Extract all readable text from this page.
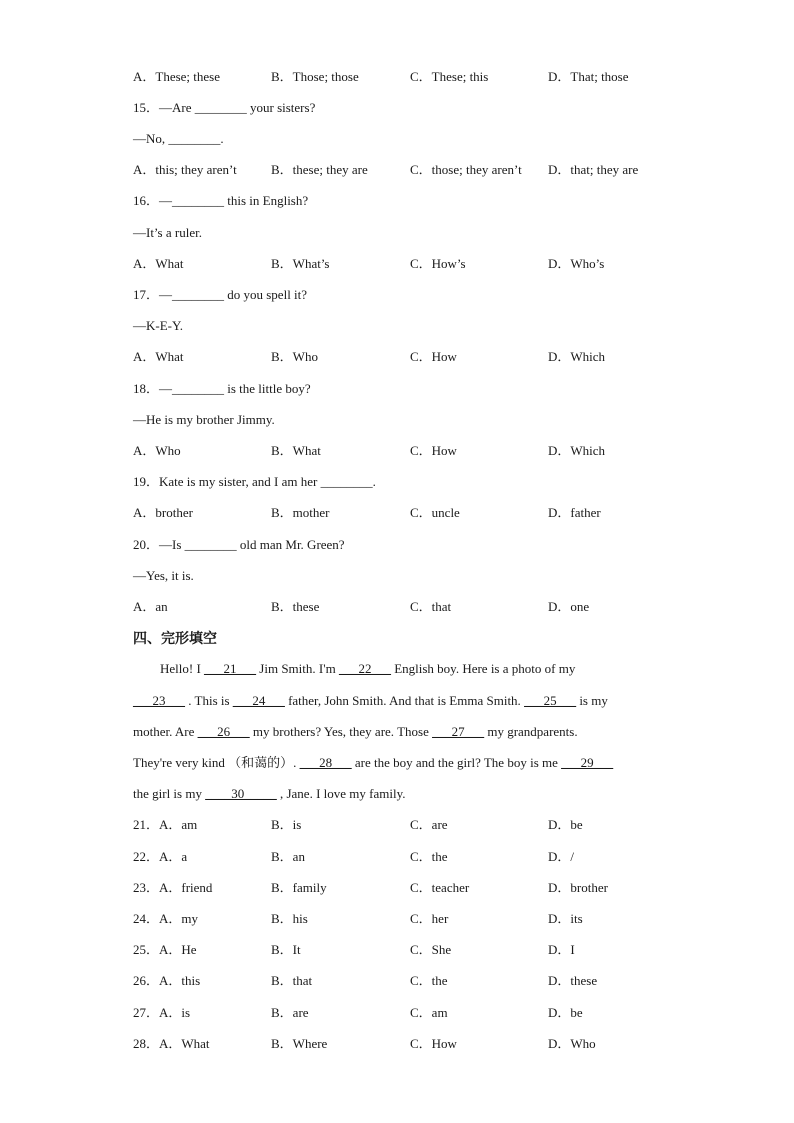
A．These; these	B．Those; those	C．These; this	D．That; those
15．—Are ________ your sisters?
—No, ________.
A．this; they aren’t	B．these; they are	C．those; they aren’t D．that; they are
16．—________ this in English?
—It’s a ruler.
A．What	B．What’s	C．How’s	D．Who’s
17．—________ do you spell it?
—K-E-Y.
A．What	B．Who	C．How	D．Which
18．—________ is the little boy?
—He is my brother Jimmy.
A．Who	B．What	C．How	D．Which
19．Kate is my sister, and I am her ________.
A．brother	B．mother	C．uncle	D．father
20．—Is ________ old man Mr. Green?
—Yes, it is.
A．an	B．these	C．that	D．one
四、完形填空
Hello! I ___21___ Jim Smith. I'm ___22___ English boy. Here is a photo of my
___23___ . This is ___24___ father, John Smith. And that is Emma Smith. ___25___ is my
mother. Are ___26___ my brothers? Yes, they are. Those ___27___ my grandparents.
They're very kind （和蔼的）. ___28___ are the boy and the girl? The boy is me ___29___
the girl is my ____30_____ , Jane. I love my family.
21．A．am	B．is	C．are	D．be
22．A．a	B．an	C．the	D．/
23．A．friend	B．family	C．teacher	D．brother
24．A．my	B．his	C．her	D．its
25．A．He	B．It	C．She	D．I
26．A．this	B．that	C．the	D．these
27．A．is	B．are	C．am	D．be
28．A．What	B．Where	C．How	D．Who
